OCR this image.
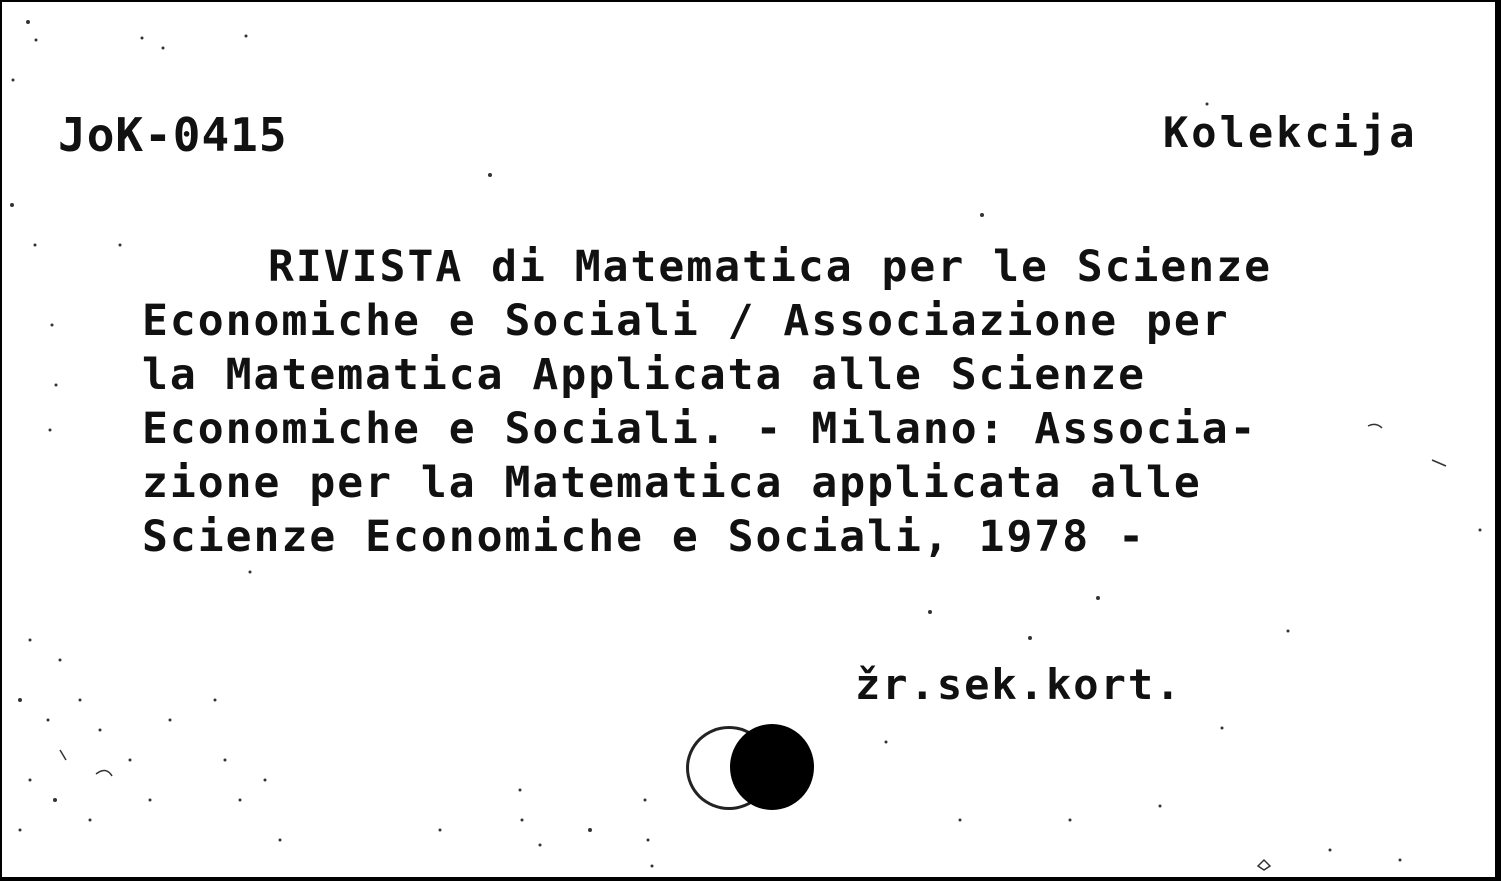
JoK-0415	Kolekcija
RIVISTA di Matematica per le Scienze
Economiche e Sociali / Associazione per
la Matematica Applicata alle Scienze
Economiche e Sociali. - Milano: Associa-
zione per la Matematica applicata alle
Scienze Economiche e Sociali, 1978 -
žr.sek.kort.
